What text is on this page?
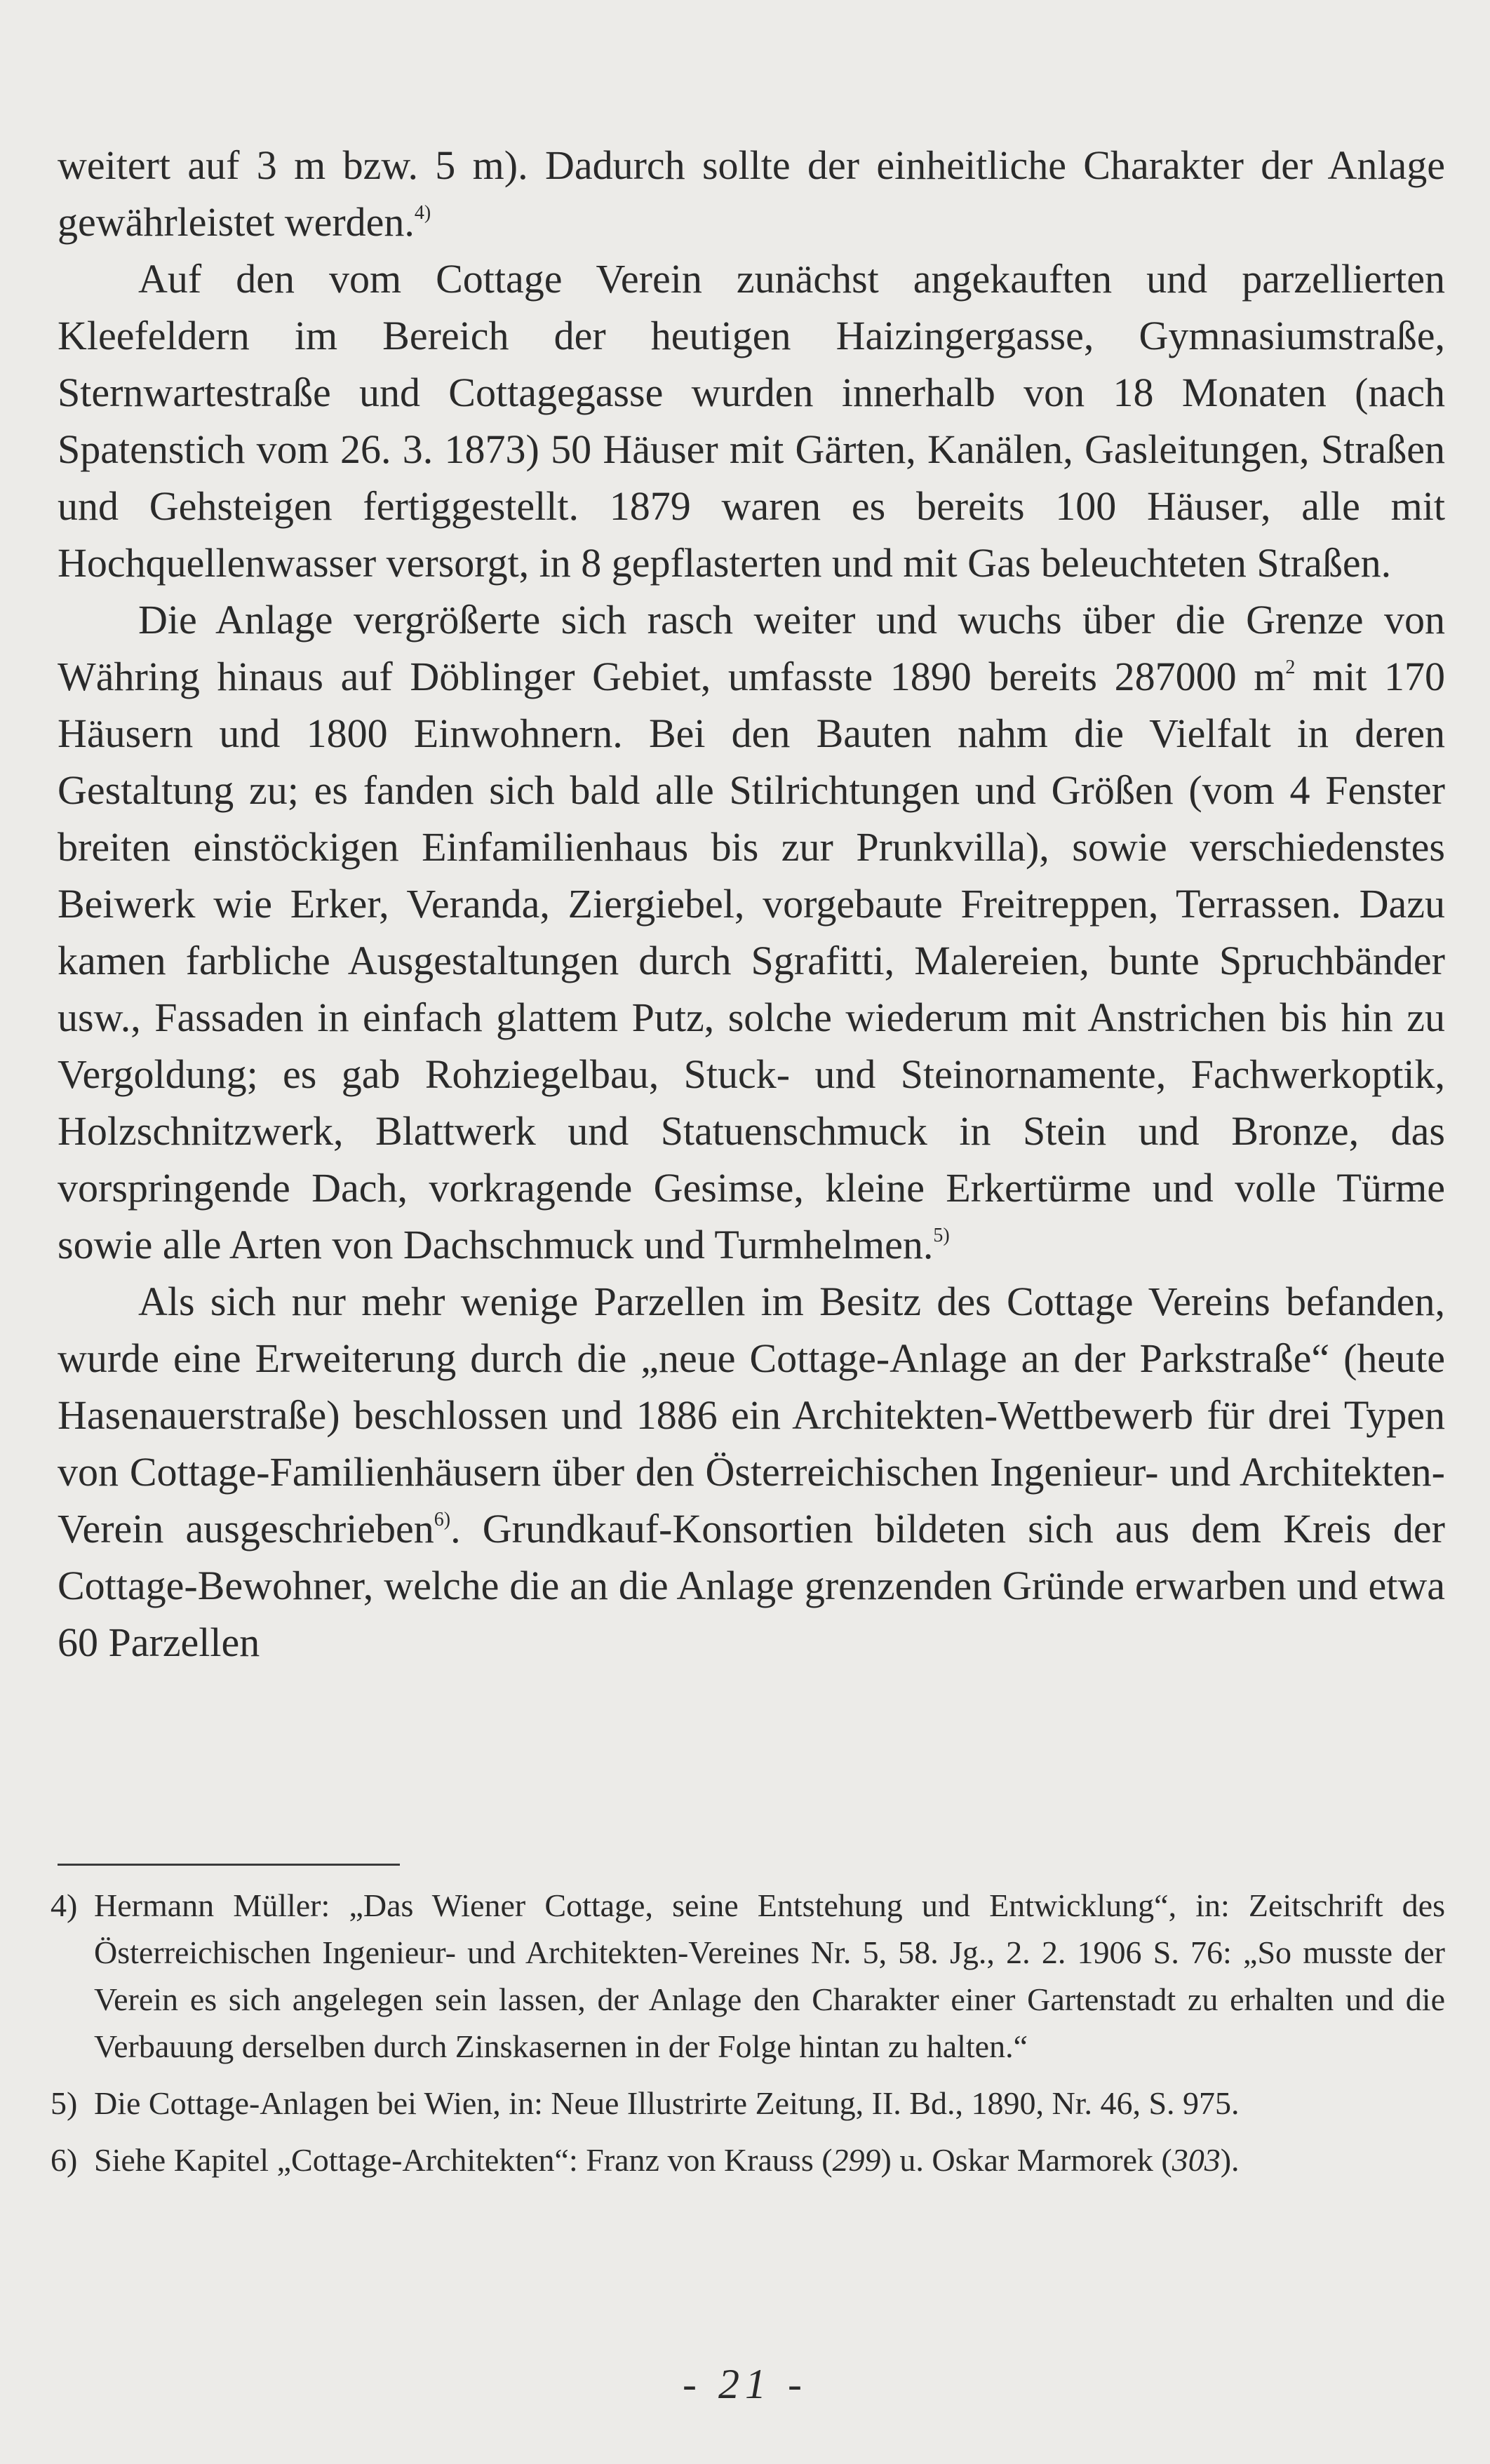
weitert auf 3 m bzw. 5 m). Dadurch sollte der einheitliche Charakter der Anlage gewährleistet werden.$^{4)}$

Auf den vom Cottage Verein zunächst angekauften und parzellierten Kleefeldern im Bereich der heutigen Haizingergasse, Gymnasiumstraße, Sternwartestraße und Cottagegasse wurden innerhalb von 18 Monaten (nach Spatenstich vom 26. 3. 1873) 50 Häuser mit Gärten, Kanälen, Gasleitungen, Straßen und Gehsteigen fertiggestellt. 1879 waren es bereits 100 Häuser, alle mit Hochquellenwasser versorgt, in 8 gepflasterten und mit Gas beleuchteten Straßen.

Die Anlage vergrößerte sich rasch weiter und wuchs über die Grenze von Währing hinaus auf Döblinger Gebiet, umfasste 1890 bereits 287000 $m^2$ mit 170 Häusern und 1800 Einwohnern. Bei den Bauten nahm die Vielfalt in deren Gestaltung zu; es fanden sich bald alle Stilrichtungen und Größen (vom 4 Fenster breiten einstöckigen Einfamilienhaus bis zur Prunkvilla), sowie verschiedenstes Beiwerk wie Erker, Veranda, Ziergiebel, vorgebaute Freitreppen, Terrassen. Dazu kamen farbliche Ausgestaltungen durch Sgrafitti, Malereien, bunte Spruchbänder usw., Fassaden in einfach glattem Putz, solche wiederum mit Anstrichen bis hin zu Vergoldung; es gab Rohziegelbau, Stuck- und Steinornamente, Fachwerkoptik, Holzschnitzwerk, Blattwerk und Statuenschmuck in Stein und Bronze, das vorspringende Dach, vorkragende Gesimse, kleine Erkertürme und volle Türme sowie alle Arten von Dachschmuck und Turmhelmen.$^{5)}$

Als sich nur mehr wenige Parzellen im Besitz des Cottage Vereins befanden, wurde eine Erweiterung durch die „neue Cottage-Anlage an der Parkstraße“ (heute Hasenauerstraße) beschlossen und 1886 ein Architekten-Wettbewerb für drei Typen von Cottage-Familienhäusern über den Österreichischen Ingenieur- und Architekten-Verein ausgeschrieben$^{6)}$. Grundkauf-Konsortien bildeten sich aus dem Kreis der Cottage-Bewohner, welche die an die Anlage grenzenden Gründe erwarben und etwa 60 Parzellen

4) Hermann Müller: „Das Wiener Cottage, seine Entstehung und Entwicklung“, in: Zeitschrift des Österreichischen Ingenieur- und Architekten-Vereines Nr. 5, 58. Jg., 2. 2. 1906 S. 76: „So musste der Verein es sich angelegen sein lassen, der Anlage den Charakter einer Gartenstadt zu erhalten und die Verbauung derselben durch Zinskasernen in der Folge hintan zu halten.“
5) Die Cottage-Anlagen bei Wien, in: Neue Illustrirte Zeitung, II. Bd., 1890, Nr. 46, S. 975.
6) Siehe Kapitel „Cottage-Architekten“: Franz von Krauss (299) u. Oskar Marmorek (303).
- 21 -
